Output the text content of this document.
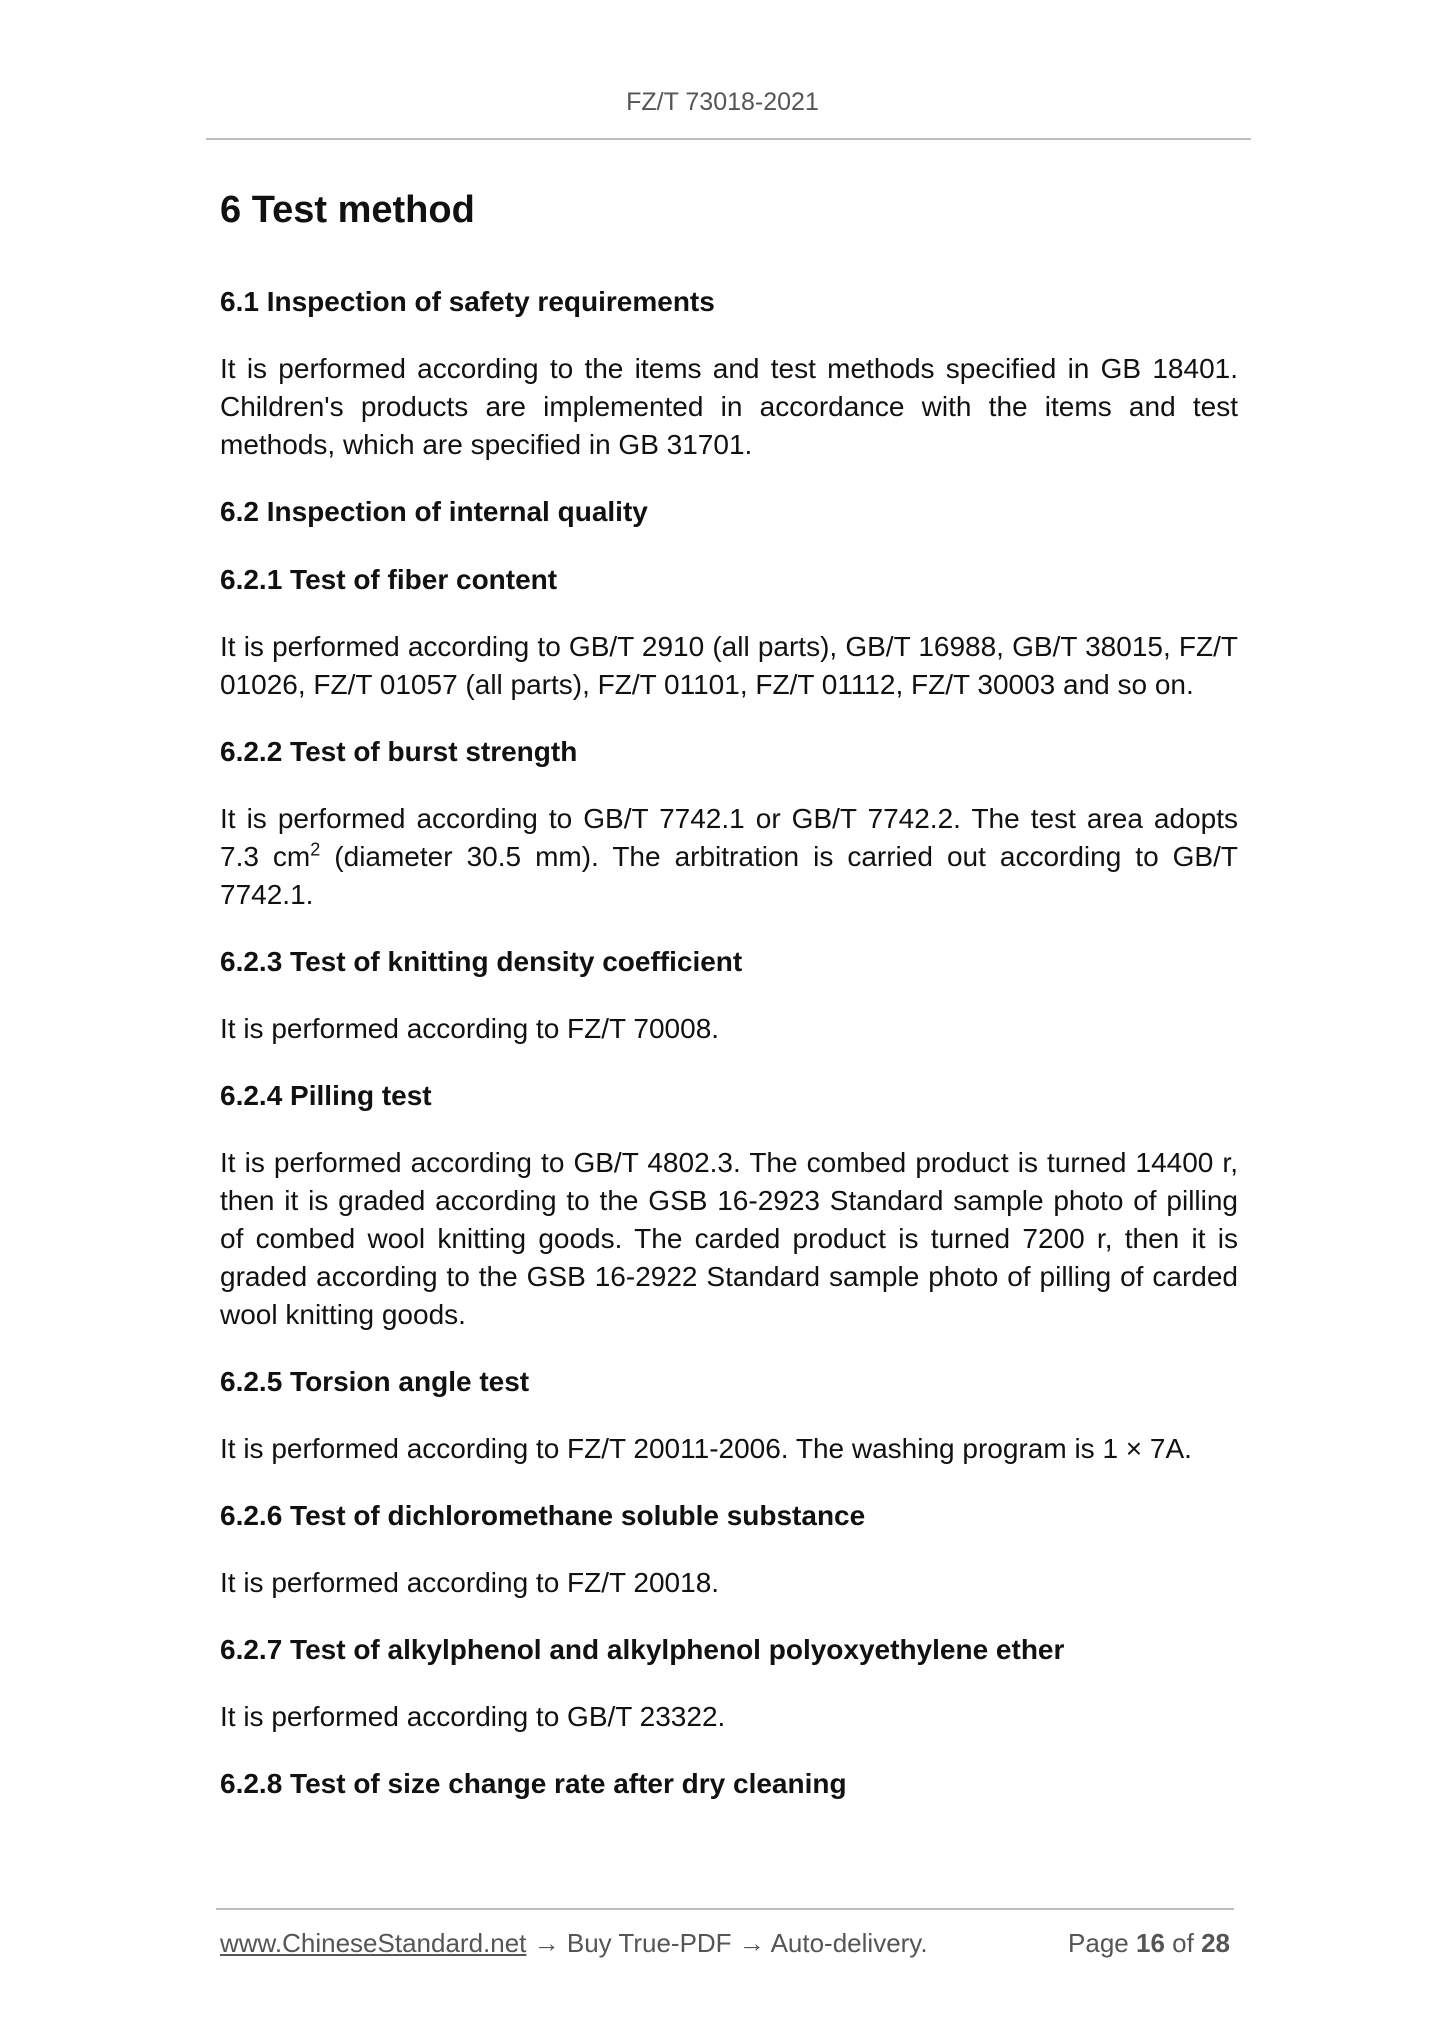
FZ/T 73018-2021
6 Test method
6.1 Inspection of safety requirements
It is performed according to the items and test methods specified in GB 18401. Children's products are implemented in accordance with the items and test methods, which are specified in GB 31701.
6.2 Inspection of internal quality
6.2.1 Test of fiber content
It is performed according to GB/T 2910 (all parts), GB/T 16988, GB/T 38015, FZ/T 01026, FZ/T 01057 (all parts), FZ/T 01101, FZ/T 01112, FZ/T 30003 and so on.
6.2.2 Test of burst strength
It is performed according to GB/T 7742.1 or GB/T 7742.2. The test area adopts 7.3 $cm^2$ (diameter 30.5 mm). The arbitration is carried out according to GB/T 7742.1.
6.2.3 Test of knitting density coefficient
It is performed according to FZ/T 70008.
6.2.4 Pilling test
It is performed according to GB/T 4802.3. The combed product is turned 14400 r, then it is graded according to the GSB 16-2923 Standard sample photo of pilling of combed wool knitting goods. The carded product is turned 7200 r, then it is graded according to the GSB 16-2922 Standard sample photo of pilling of carded wool knitting goods.
6.2.5 Torsion angle test
It is performed according to FZ/T 20011-2006. The washing program is 1 × 7A.
6.2.6 Test of dichloromethane soluble substance
It is performed according to FZ/T 20018.
6.2.7 Test of alkylphenol and alkylphenol polyoxyethylene ether
It is performed according to GB/T 23322.
6.2.8 Test of size change rate after dry cleaning
www.ChineseStandard.net → Buy True-PDF → Auto-delivery.	Page 16 of 28
